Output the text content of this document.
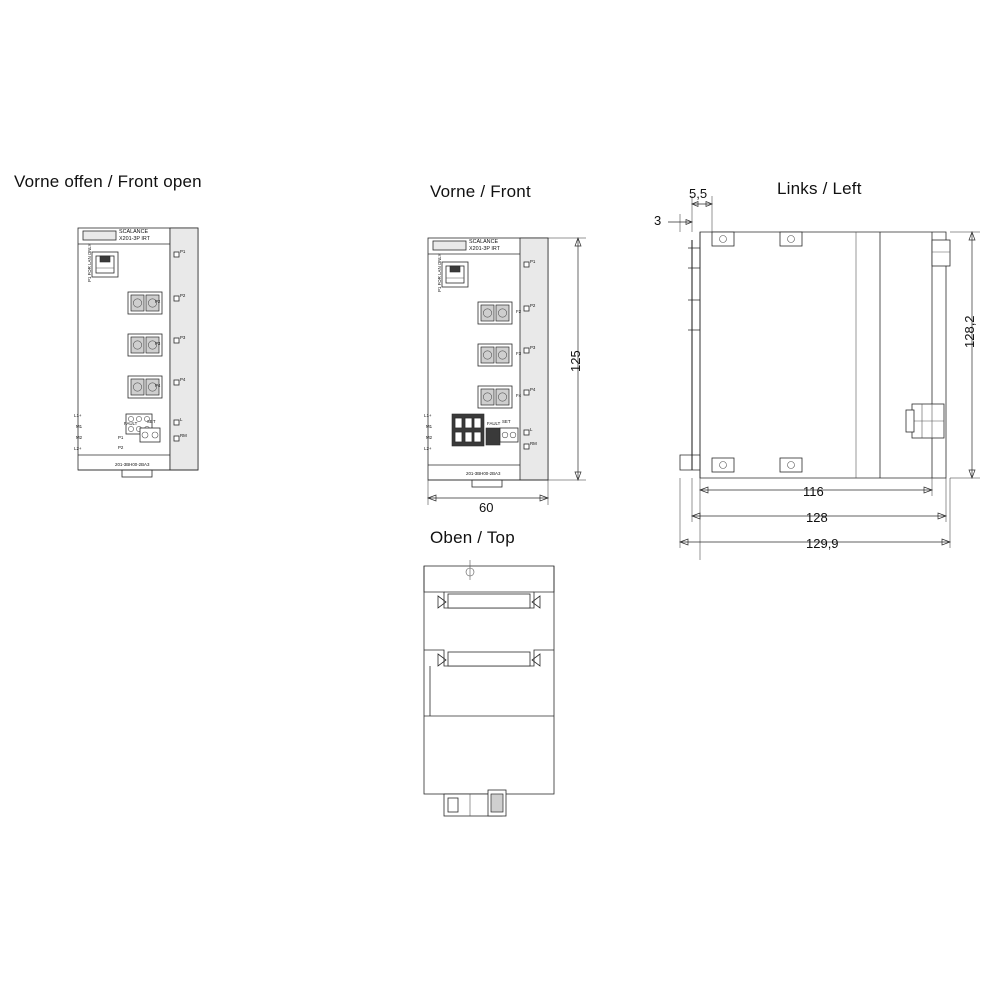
Vorne offen / Front open
Vorne / Front	Links / Left
Oben / Top
SCALANCE
X201-3P IRT
P1 FOR LAN ONLY
P2
P3
P4
L1+
M1
M2
L2+
FAULT SET
P1
P2
P1
P2
P3
P4
L
RM
201-3BH00-2BA3
SCALANCE
X201-3P IRT
P1 FOR LAN ONLY	P1
P2
P3
P4
L
RM
F2
F3
F4
L1+
M1
M2
L2+
FAULT SET
201-3BH00-2BA3
125
60
5,5
3
128,2
116
128
129,9
